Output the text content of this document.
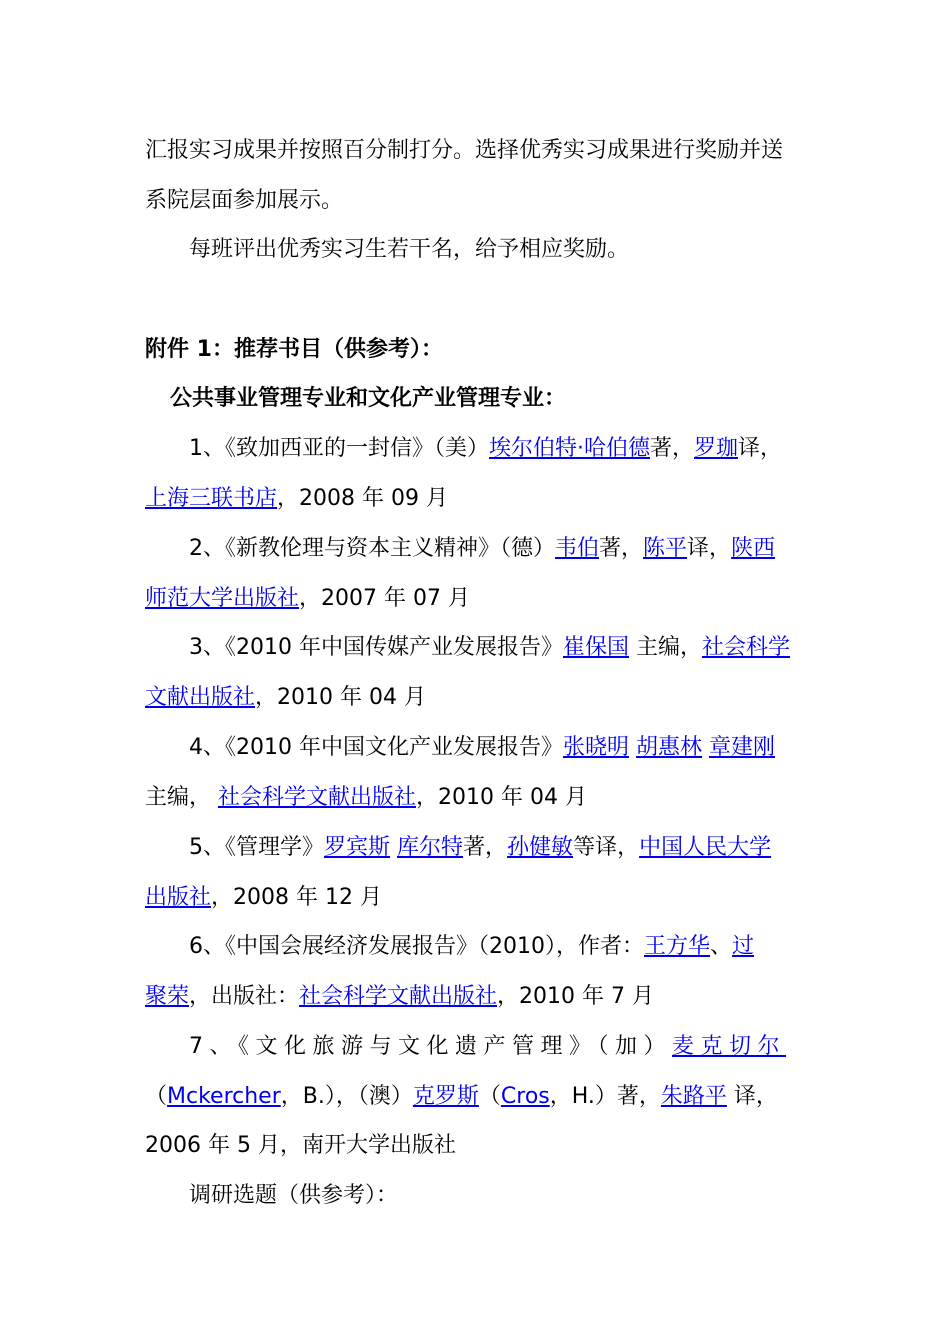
汇报实习成果并按照百分制打分。选择优秀实习成果进行奖励并送
系院层面参加展示。
每班评出优秀实习生若干名，给予相应奖励。
附件 1：推荐书目（供参考）：
公共事业管理专业和文化产业管理专业：
1、《致加西亚的一封信》（美）埃尔伯特·哈伯德著，罗珈译，
上海三联书店，2008 年 09 月
2、《新教伦理与资本主义精神》（德）韦伯著，陈平译，陕西
师范大学出版社，2007 年 07 月
3、《2010 年中国传媒产业发展报告》崔保国 主编，社会科学
文献出版社，2010 年 04 月
4、《2010 年中国文化产业发展报告》张晓明 胡惠林 章建刚
主编， 社会科学文献出版社，2010 年 04 月
5、《管理学》罗宾斯 库尔特著，孙健敏等译，中国人民大学
出版社，2008 年 12 月
6、《中国会展经济发展报告》（2010），作者：王方华、过
聚荣，出版社：社会科学文献出版社，2010 年 7 月
7、《文化旅游与文化遗产管理》（加）麦克切尔
（Mckercher，B.），（澳）克罗斯（Cros，H.）著，朱路平 译，
2006 年 5 月，南开大学出版社
调研选题（供参考）：
